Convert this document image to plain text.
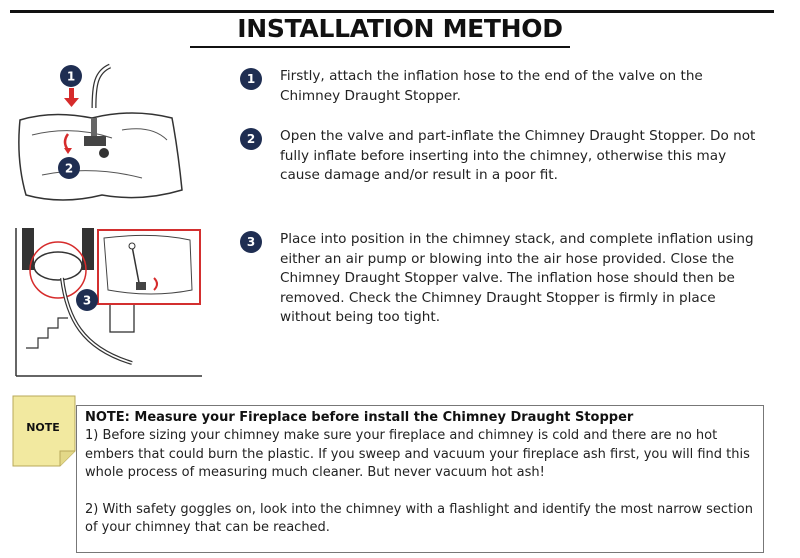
INSTALLATION METHOD
1
2
3
1	Firstly, attach the inflation hose to the end of the valve on the Chimney Draught Stopper.
2	Open the valve and part-inflate the Chimney Draught Stopper. Do not fully inflate before inserting into the chimney, otherwise this may cause damage and/or result in a poor fit.
3	Place into position in the chimney stack, and complete inflation using either an air pump or blowing into the air hose provided. Close the Chimney Draught Stopper valve. The inflation hose should then be removed. Check the Chimney Draught Stopper is firmly in place without being too tight.
NOTE
NOTE: Measure your Fireplace before install the Chimney Draught Stopper

1) Before sizing your chimney make sure your fireplace and chimney is cold and there are no hot embers that could burn the plastic. If you sweep and vacuum your fireplace ash first, you will find this whole process of measuring much cleaner. But never vacuum hot ash!

2) With safety goggles on, look into the chimney with a flashlight and identify the most narrow section of your chimney that can be reached.
